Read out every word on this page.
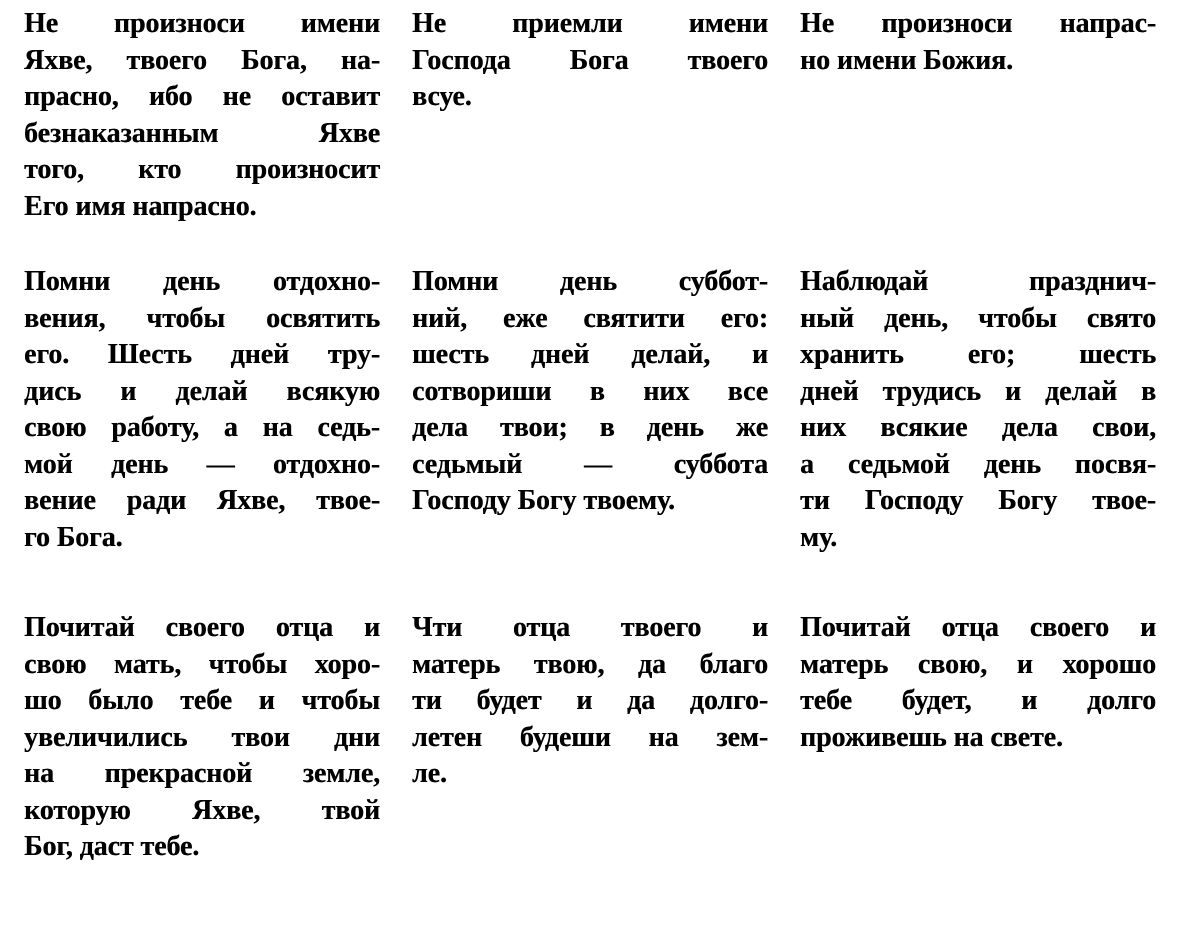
Не произноси имени
Яхве, твоего Бога, на-
прасно, ибо не оставит
безнаказанным Яхве
того, кто произносит
Его имя напрасно.
Не приемли имени
Господа Бога твоего
всуе.
Не произноси напрас-
но имени Божия.
Помни день отдохно-
вения, чтобы освятить
его. Шесть дней тру-
дись и делай всякую
свою работу, а на седь-
мой день — отдохно-
вение ради Яхве, твое-
го Бога.
Помни день суббот-
ний, еже святити его:
шесть дней делай, и
сотвориши в них все
дела твои; в день же
седьмый — суббота
Господу Богу твоему.
Наблюдай празднич-
ный день, чтобы свято
хранить его; шесть
дней трудись и делай в
них всякие дела свои,
а седьмой день посвя-
ти Господу Богу твое-
му.
Почитай своего отца и
свою мать, чтобы хоро-
шо было тебе и чтобы
увеличились твои дни
на прекрасной земле,
которую Яхве, твой
Бог, даст тебе.
Чти отца твоего и
матерь твою, да благо
ти будет и да долго-
летен будеши на зем-
ле.
Почитай отца своего и
матерь свою, и хорошо
тебе будет, и долго
проживешь на свете.
